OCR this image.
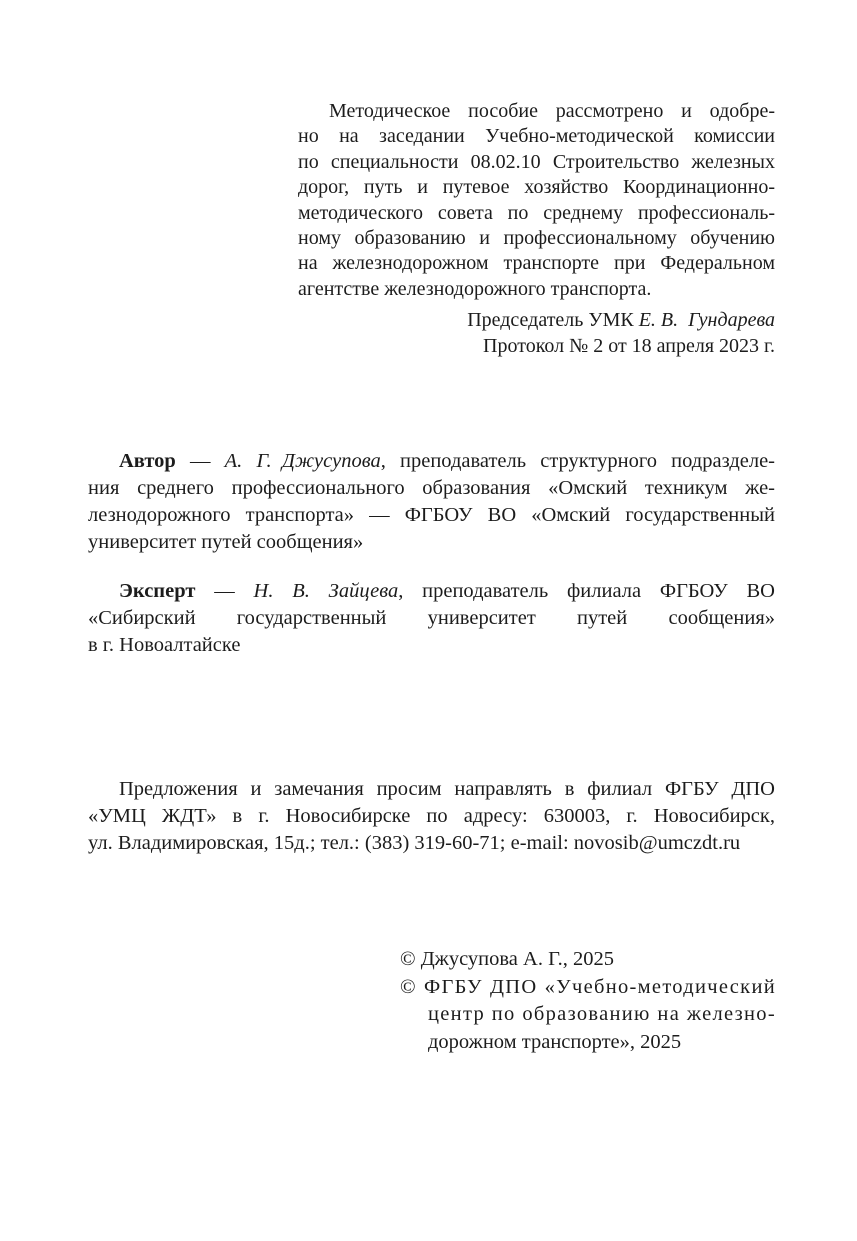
Методическое пособие рассмотрено и одобре-
но на заседании Учебно-методической комиссии
по специальности 08.02.10 Строительство железных
дорог, путь и путевое хозяйство Координационно-
методического совета по среднему профессиональ-
ному образованию и профессиональному обучению
на железнодорожном транспорте при Федеральном
агентстве железнодорожного транспорта.
Председатель УМК Е. В. Гундарева
Протокол № 2 от 18 апреля 2023 г.
Автор — А. Г. Джусупова, преподаватель структурного подразделе-
ния среднего профессионального образования «Омский техникум же-
лезнодорожного транспорта» — ФГБОУ ВО «Омский государственный
университет путей сообщения»
Эксперт — Н. В. Зайцева, преподаватель филиала ФГБОУ ВО
«Сибирский государственный университет путей сообщения»
в г. Новоалтайске
Предложения и замечания просим направлять в филиал ФГБУ ДПО
«УМЦ ЖДТ» в г. Новосибирске по адресу: 630003, г. Новосибирск,
ул. Владимировская, 15д.; тел.: (383) 319-60-71; e-mail: novosib@umczdt.ru
© Джусупова А. Г., 2025
© ФГБУ ДПО «Учебно-методический
центр по образованию на железно-
дорожном транспорте», 2025
